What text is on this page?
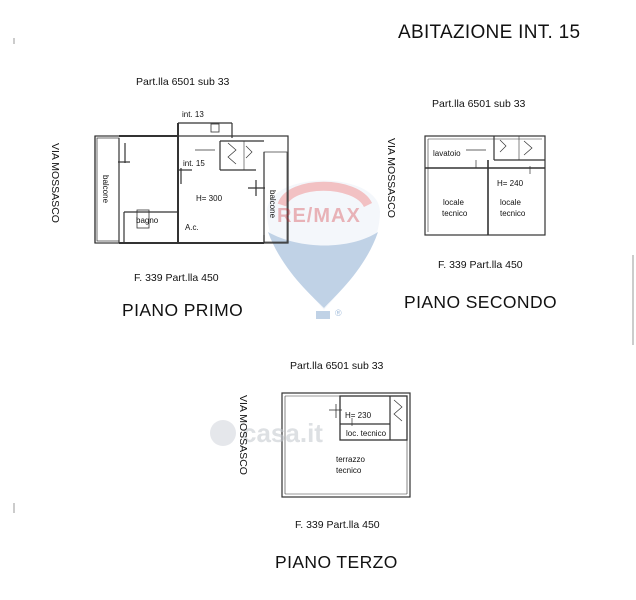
ABITAZIONE INT. 15
RE/MAX
®
casa.it
Part.lla 6501 sub 33
VIA MOSSASCO
int. 13
int. 15
H= 300
balcone
balcone
bagno
A.c.
F. 339 Part.lla 450
PIANO PRIMO
Part.lla 6501 sub 33
VIA MOSSASCO	lavatoio
H= 240
locale
tecnico
locale
tecnico
F. 339 Part.lla 450
PIANO SECONDO
Part.lla 6501 sub 33
VIA MOSSASCO	H= 230
loc. tecnico
terrazzo
tecnico
F. 339 Part.lla 450
PIANO TERZO
